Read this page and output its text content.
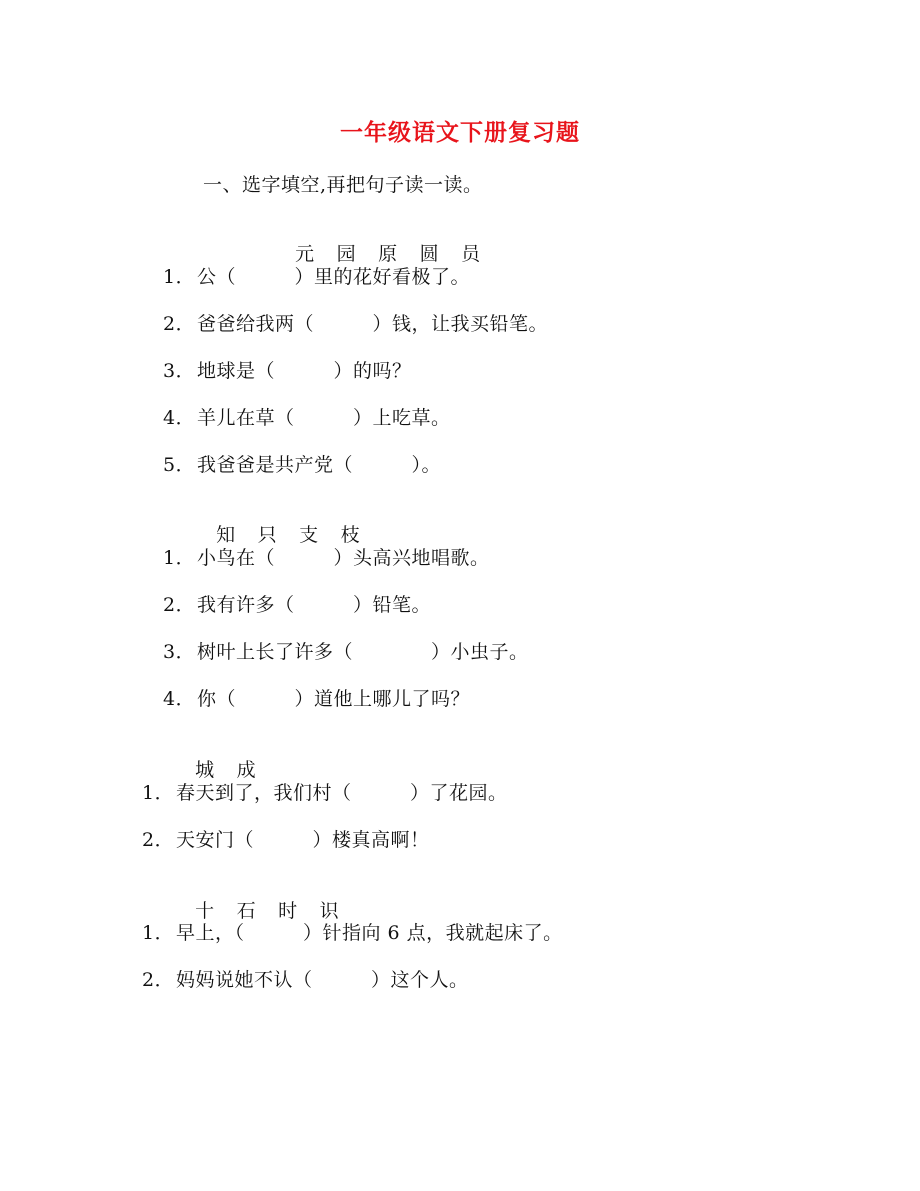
一年级语文下册复习题
一、选字填空,再把句子读一读。

元 园 原 圆 员

1． 公（　　　）里的花好看极了。
2． 爸爸给我两（　　　）钱，让我买铅笔。
3． 地球是（　　　）的吗？
4． 羊儿在草（　　　）上吃草。
5． 我爸爸是共产党（　　　）。

知 只 支 枝

1． 小鸟在（　　　）头高兴地唱歌。
2． 我有许多（　　　）铅笔。
3． 树叶上长了许多（　　　　）小虫子。
4． 你（　　　）道他上哪儿了吗？

城 成

1． 春天到了，我们村（　　　）了花园。
2． 天安门（　　　）楼真高啊！

十 石 时 识

1． 早上，（　　　）针指向 6 点，我就起床了。
2． 妈妈说她不认（　　　）这个人。
